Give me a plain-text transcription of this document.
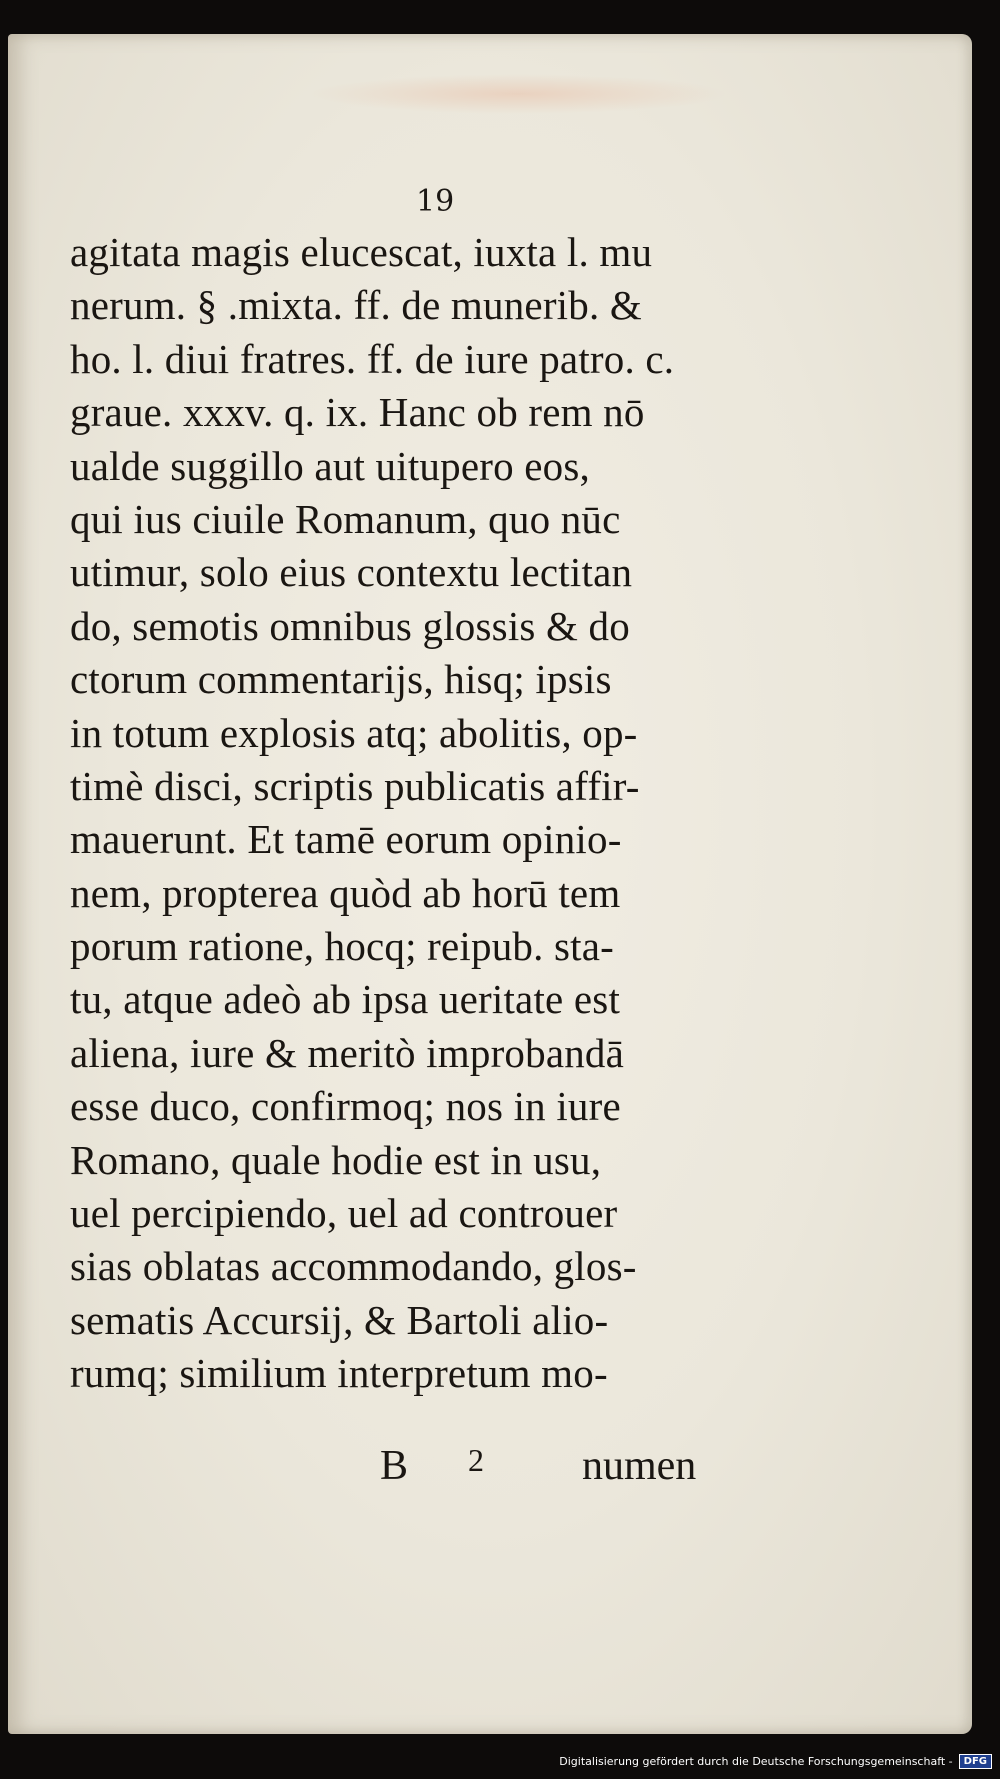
19
agitata magis elucescat, iuxta l. mu
nerum. § .mixta. ff. de munerib. &
ho. l. diui fratres. ff. de iure patro. c.
graue. xxxv. q. ix. Hanc ob rem nō
ualde suggillo aut uitupero eos,
qui ius ciuile Romanum, quo nūc
utimur, solo eius contextu lectitan
do, semotis omnibus glossis & do
ctorum commentarijs, hisq; ipsis
in totum explosis atq; abolitis, op-
timè disci, scriptis publicatis affir-
mauerunt. Et tamē eorum opinio-
nem, propterea quòd ab horū tem
porum ratione, hocq; reipub. sta-
tu, atque adeò ab ipsa ueritate est
aliena, iure & meritò improbandā
esse duco, confirmoq; nos in iure
Romano, quale hodie est in usu,
uel percipiendo, uel ad controuer
sias oblatas accommodando, glos-
sematis Accursij, & Bartoli alio-
rumq; similium interpretum mo-
B 2 numen
Digitalisierung gefördert durch die Deutsche Forschungsgemeinschaft -	DFG
